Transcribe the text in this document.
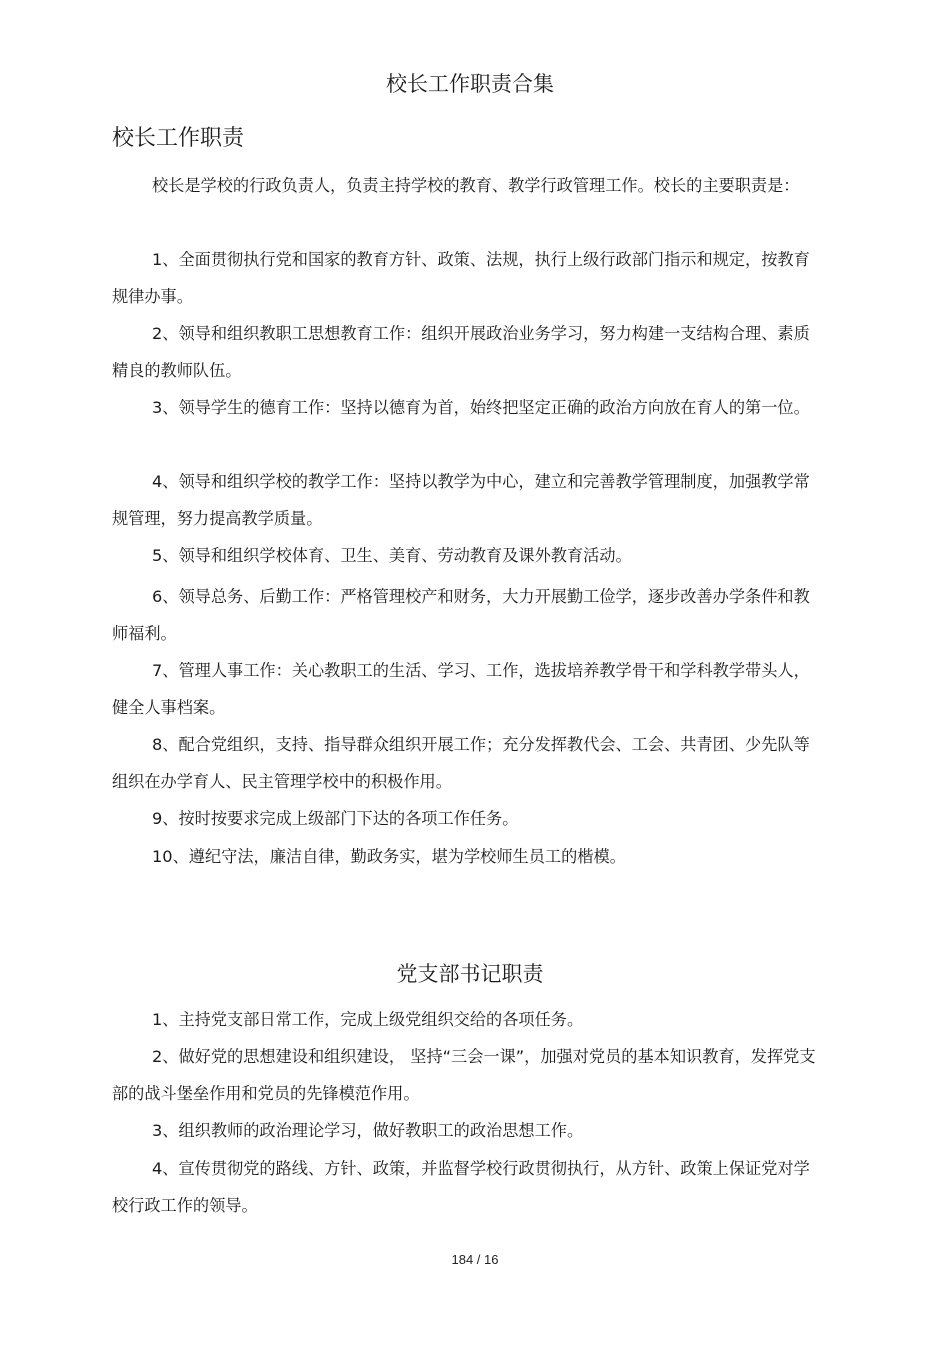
校长工作职责合集
校长工作职责

校长是学校的行政负责人，负责主持学校的教育、教学行政管理工作。校长的主要职责是：

1、全面贯彻执行党和国家的教育方针、政策、法规，执行上级行政部门指示和规定，按教育规律办事。

2、领导和组织教职工思想教育工作：组织开展政治业务学习，努力构建一支结构合理、素质精良的教师队伍。

3、领导学生的德育工作：坚持以德育为首，始终把坚定正确的政治方向放在育人的第一位。

4、领导和组织学校的教学工作：坚持以教学为中心，建立和完善教学管理制度，加强教学常规管理，努力提高教学质量。

5、领导和组织学校体育、卫生、美育、劳动教育及课外教育活动。

6、领导总务、后勤工作：严格管理校产和财务，大力开展勤工俭学，逐步改善办学条件和教师福利。

7、管理人事工作：关心教职工的生活、学习、工作，选拔培养教学骨干和学科教学带头人，健全人事档案。

8、配合党组织，支持、指导群众组织开展工作；充分发挥教代会、工会、共青团、少先队等组织在办学育人、民主管理学校中的积极作用。

9、按时按要求完成上级部门下达的各项工作任务。

10、遵纪守法，廉洁自律，勤政务实，堪为学校师生员工的楷模。

党支部书记职责

1、主持党支部日常工作，完成上级党组织交给的各项任务。

2、做好党的思想建设和组织建设， 坚持“三会一课”，加强对党员的基本知识教育，发挥党支部的战斗堡垒作用和党员的先锋模范作用。

3、组织教师的政治理论学习，做好教职工的政治思想工作。

4、宣传贯彻党的路线、方针、政策，并监督学校行政贯彻执行，从方针、政策上保证党对学校行政工作的领导。

184 / 16
